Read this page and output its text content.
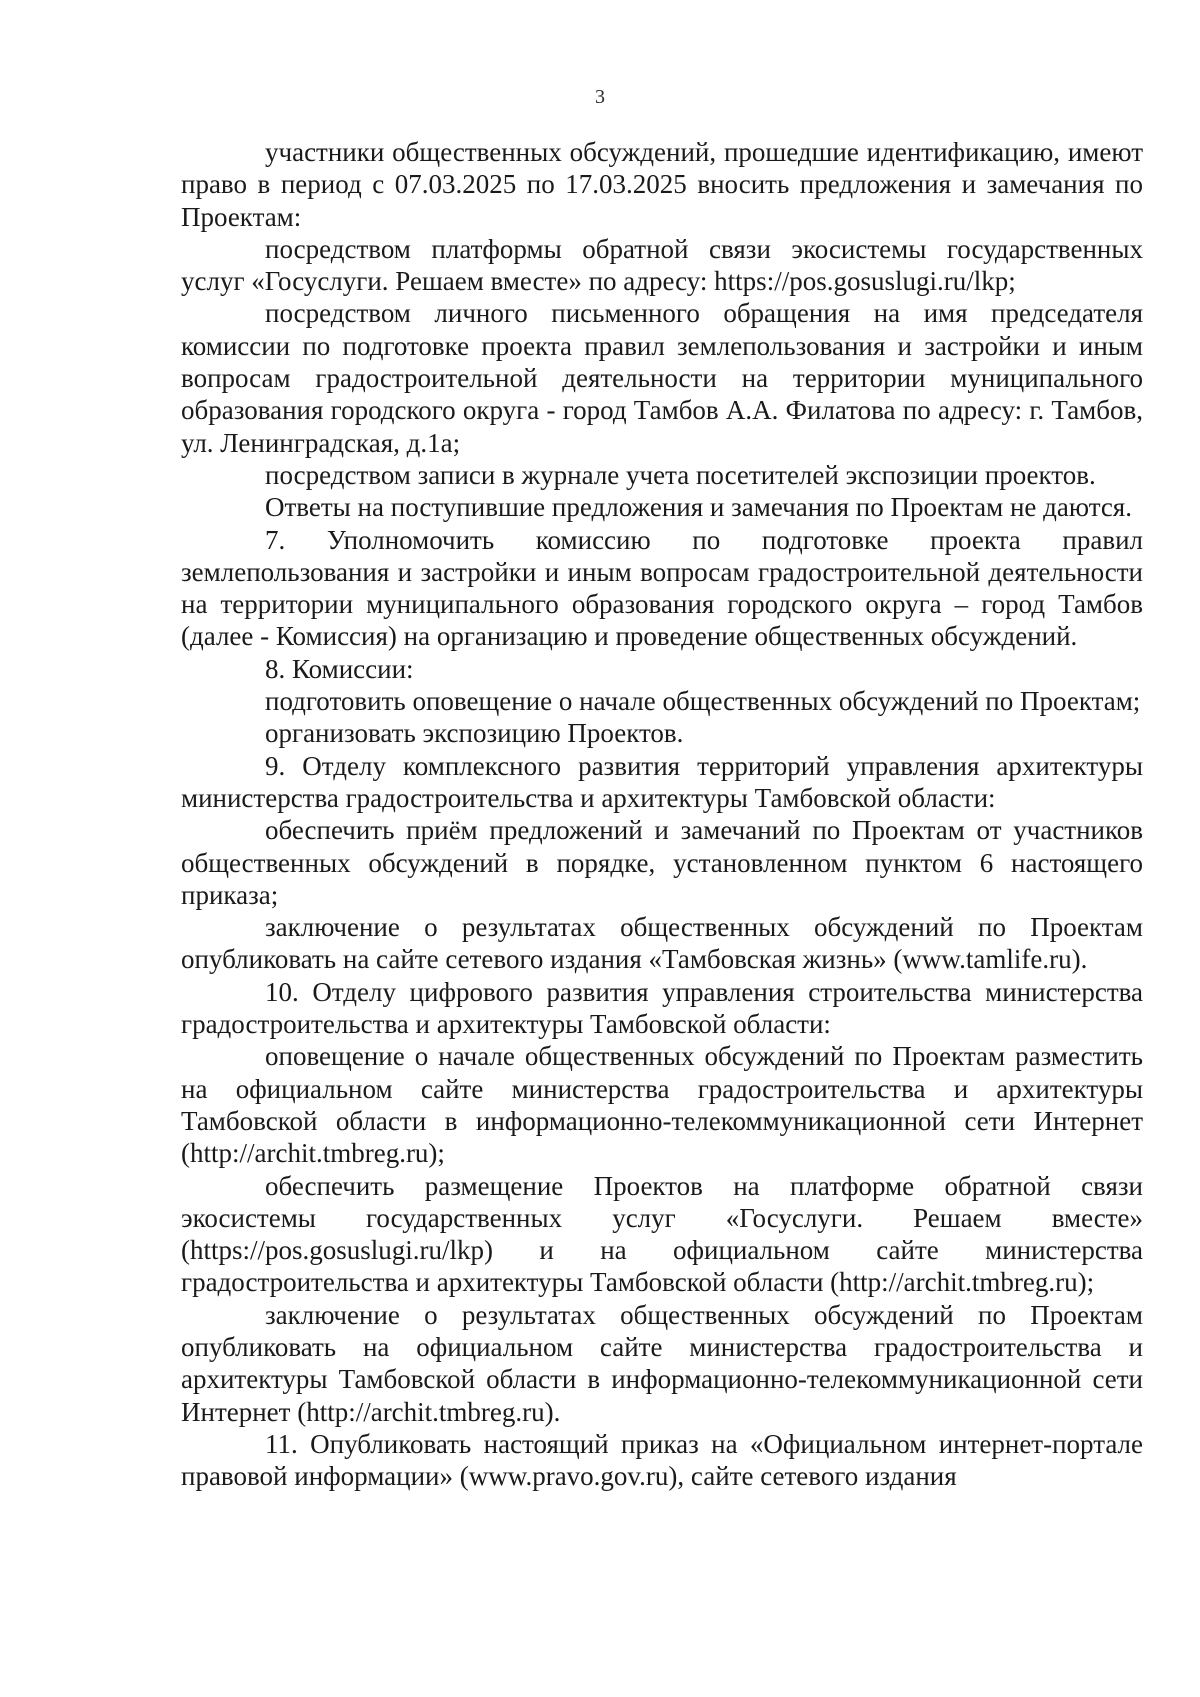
3

участники общественных обсуждений, прошедшие идентификацию, имеют право в период с 07.03.2025 по 17.03.2025 вносить предложения и замечания по Проектам:

посредством платформы обратной связи экосистемы государственных услуг «Госуслуги. Решаем вместе» по адресу: https://pos.gosuslugi.ru/lkp;

посредством личного письменного обращения на имя председателя комиссии по подготовке проекта правил землепользования и застройки и иным вопросам градостроительной деятельности на территории муниципального образования городского округа - город Тамбов А.А. Филатова по адресу: г. Тамбов, ул. Ленинградская, д.1а;

посредством записи в журнале учета посетителей экспозиции проектов.

Ответы на поступившие предложения и замечания по Проектам не даются.

7. Уполномочить комиссию по подготовке проекта правил землепользования и застройки и иным вопросам градостроительной деятельности на территории муниципального образования городского округа – город Тамбов (далее - Комиссия) на организацию и проведение общественных обсуждений.

8. Комиссии:

подготовить оповещение о начале общественных обсуждений по Проектам;

организовать экспозицию Проектов.

9. Отделу комплексного развития территорий управления архитектуры министерства градостроительства и архитектуры Тамбовской области:

обеспечить приём предложений и замечаний по Проектам от участников общественных обсуждений в порядке, установленном пунктом 6 настоящего приказа;

заключение о результатах общественных обсуждений по Проектам опубликовать на сайте сетевого издания «Тамбовская жизнь» (www.tamlife.ru).

10. Отделу цифрового развития управления строительства министерства градостроительства и архитектуры Тамбовской области:

оповещение о начале общественных обсуждений по Проектам разместить на официальном сайте министерства градостроительства и архитектуры Тамбовской области в информационно-телекоммуникационной сети Интернет (http://archit.tmbreg.ru);

обеспечить размещение Проектов на платформе обратной связи экосистемы государственных услуг «Госуслуги. Решаем вместе» (https://pos.gosuslugi.ru/lkp) и на официальном сайте министерства градостроительства и архитектуры Тамбовской области (http://archit.tmbreg.ru);

заключение о результатах общественных обсуждений по Проектам опубликовать на официальном сайте министерства градостроительства и архитектуры Тамбовской области в информационно-телекоммуникационной сети Интернет (http://archit.tmbreg.ru).

11. Опубликовать настоящий приказ на «Официальном интернет-портале правовой информации» (www.pravo.gov.ru), сайте сетевого издания
